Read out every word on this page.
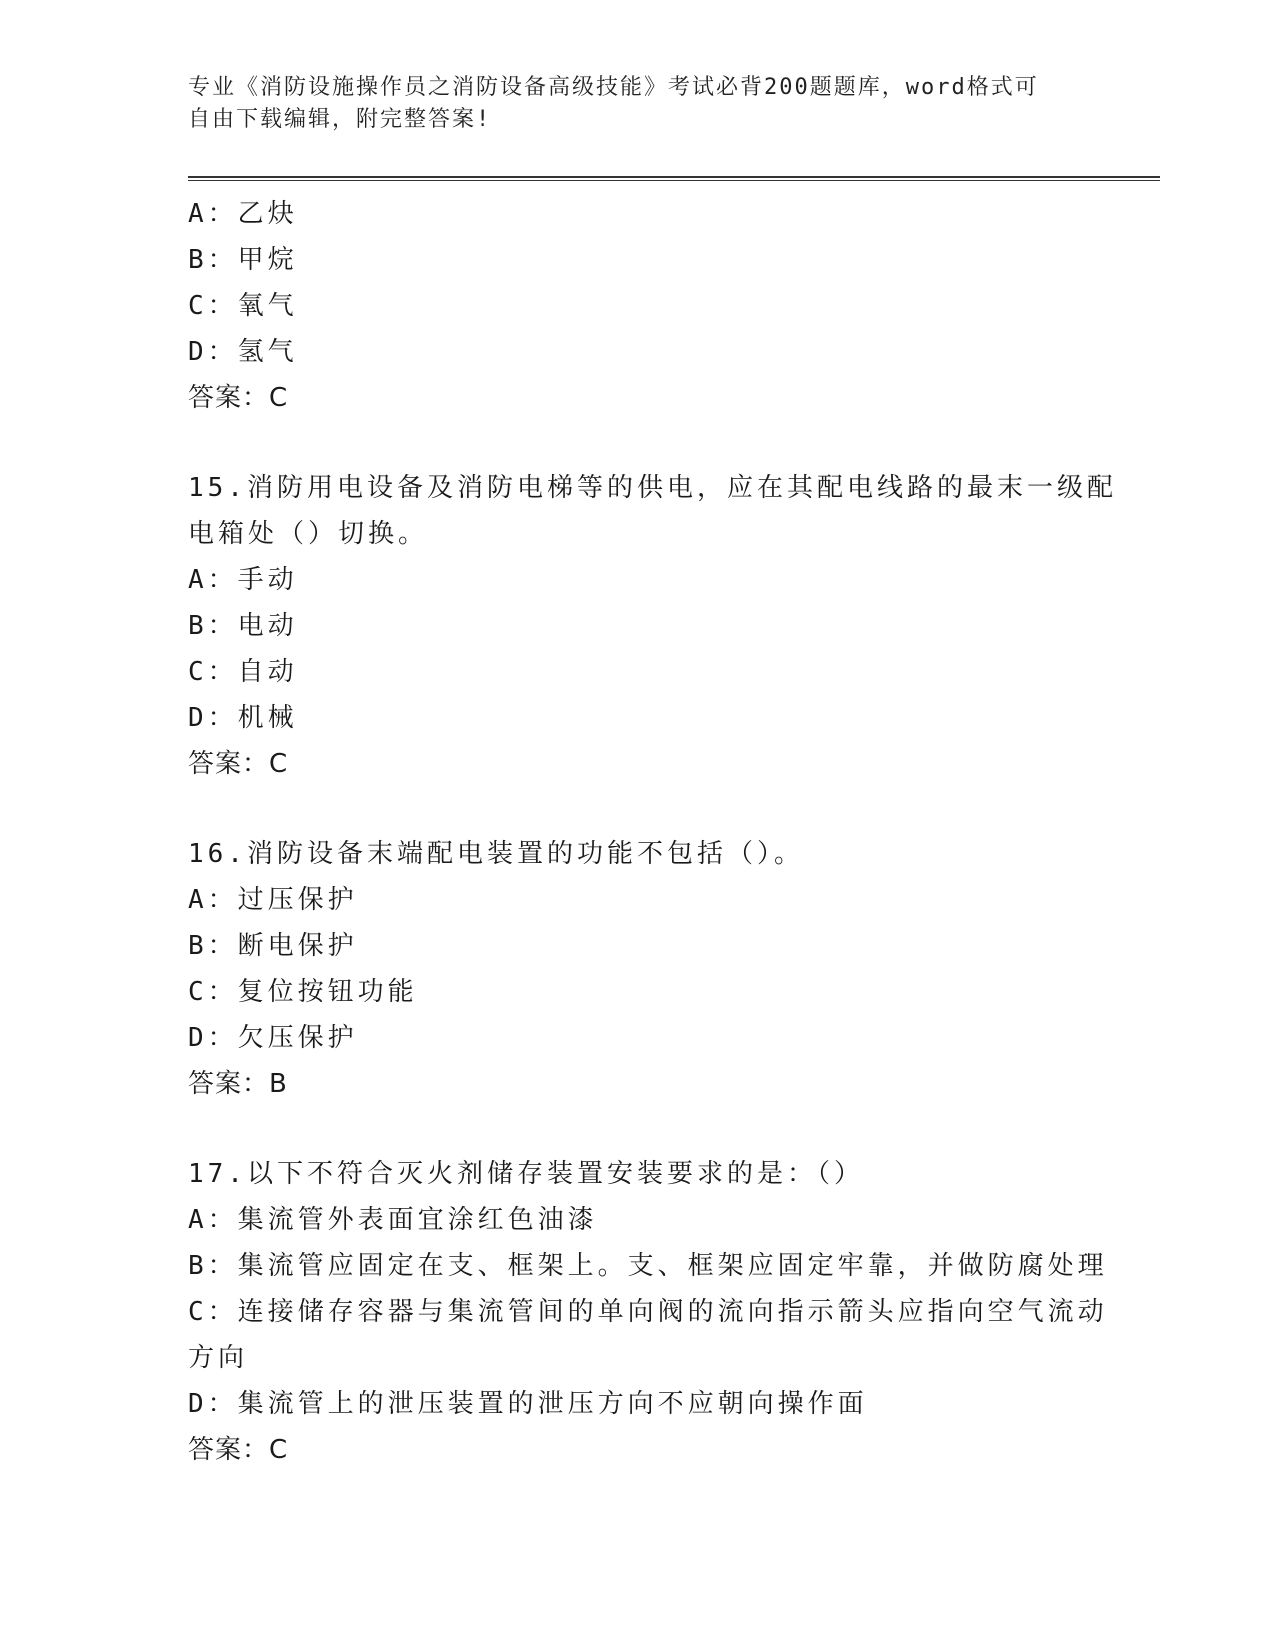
专业《消防设施操作员之消防设备高级技能》考试必背200题题库，word格式可
自由下载编辑，附完整答案!
A：乙炔
B：甲烷
C：氧气
D：氢气
答案：C
15.消防用电设备及消防电梯等的供电，应在其配电线路的最末一级配
电箱处（）切换。
A：手动
B：电动
C：自动
D：机械
答案：C
16.消防设备末端配电装置的功能不包括（）。
A：过压保护
B：断电保护
C：复位按钮功能
D：欠压保护
答案：B
17.以下不符合灭火剂储存装置安装要求的是：（）
A：集流管外表面宜涂红色油漆
B：集流管应固定在支、框架上。支、框架应固定牢靠，并做防腐处理
C：连接储存容器与集流管间的单向阀的流向指示箭头应指向空气流动
方向
D：集流管上的泄压装置的泄压方向不应朝向操作面
答案：C
